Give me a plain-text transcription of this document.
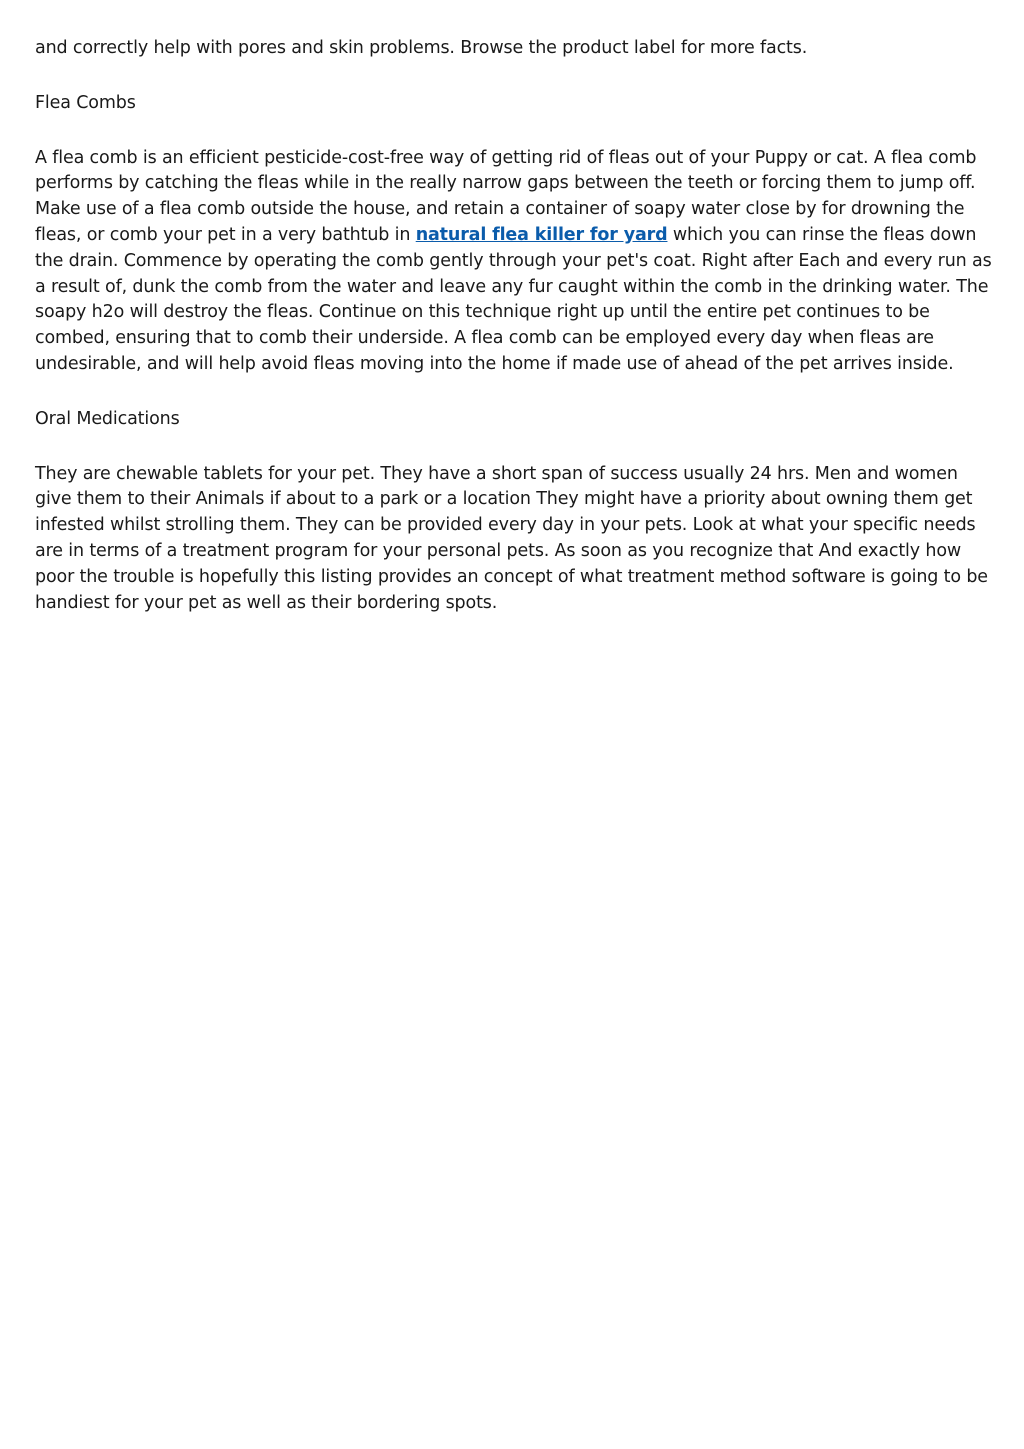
and correctly help with pores and skin problems. Browse the product label for more facts.

Flea Combs

A flea comb is an efficient pesticide-cost-free way of getting rid of fleas out of your Puppy or cat. A flea comb performs by catching the fleas while in the really narrow gaps between the teeth or forcing them to jump off. Make use of a flea comb outside the house, and retain a container of soapy water close by for drowning the fleas, or comb your pet in a very bathtub in natural flea killer for yard which you can rinse the fleas down the drain. Commence by operating the comb gently through your pet's coat. Right after Each and every run as a result of, dunk the comb from the water and leave any fur caught within the comb in the drinking water. The soapy h2o will destroy the fleas. Continue on this technique right up until the entire pet continues to be combed, ensuring that to comb their underside. A flea comb can be employed every day when fleas are undesirable, and will help avoid fleas moving into the home if made use of ahead of the pet arrives inside.

Oral Medications

They are chewable tablets for your pet. They have a short span of success usually 24 hrs. Men and women give them to their Animals if about to a park or a location They might have a priority about owning them get infested whilst strolling them. They can be provided every day in your pets. Look at what your specific needs are in terms of a treatment program for your personal pets. As soon as you recognize that And exactly how poor the trouble is hopefully this listing provides an concept of what treatment method software is going to be handiest for your pet as well as their bordering spots.
